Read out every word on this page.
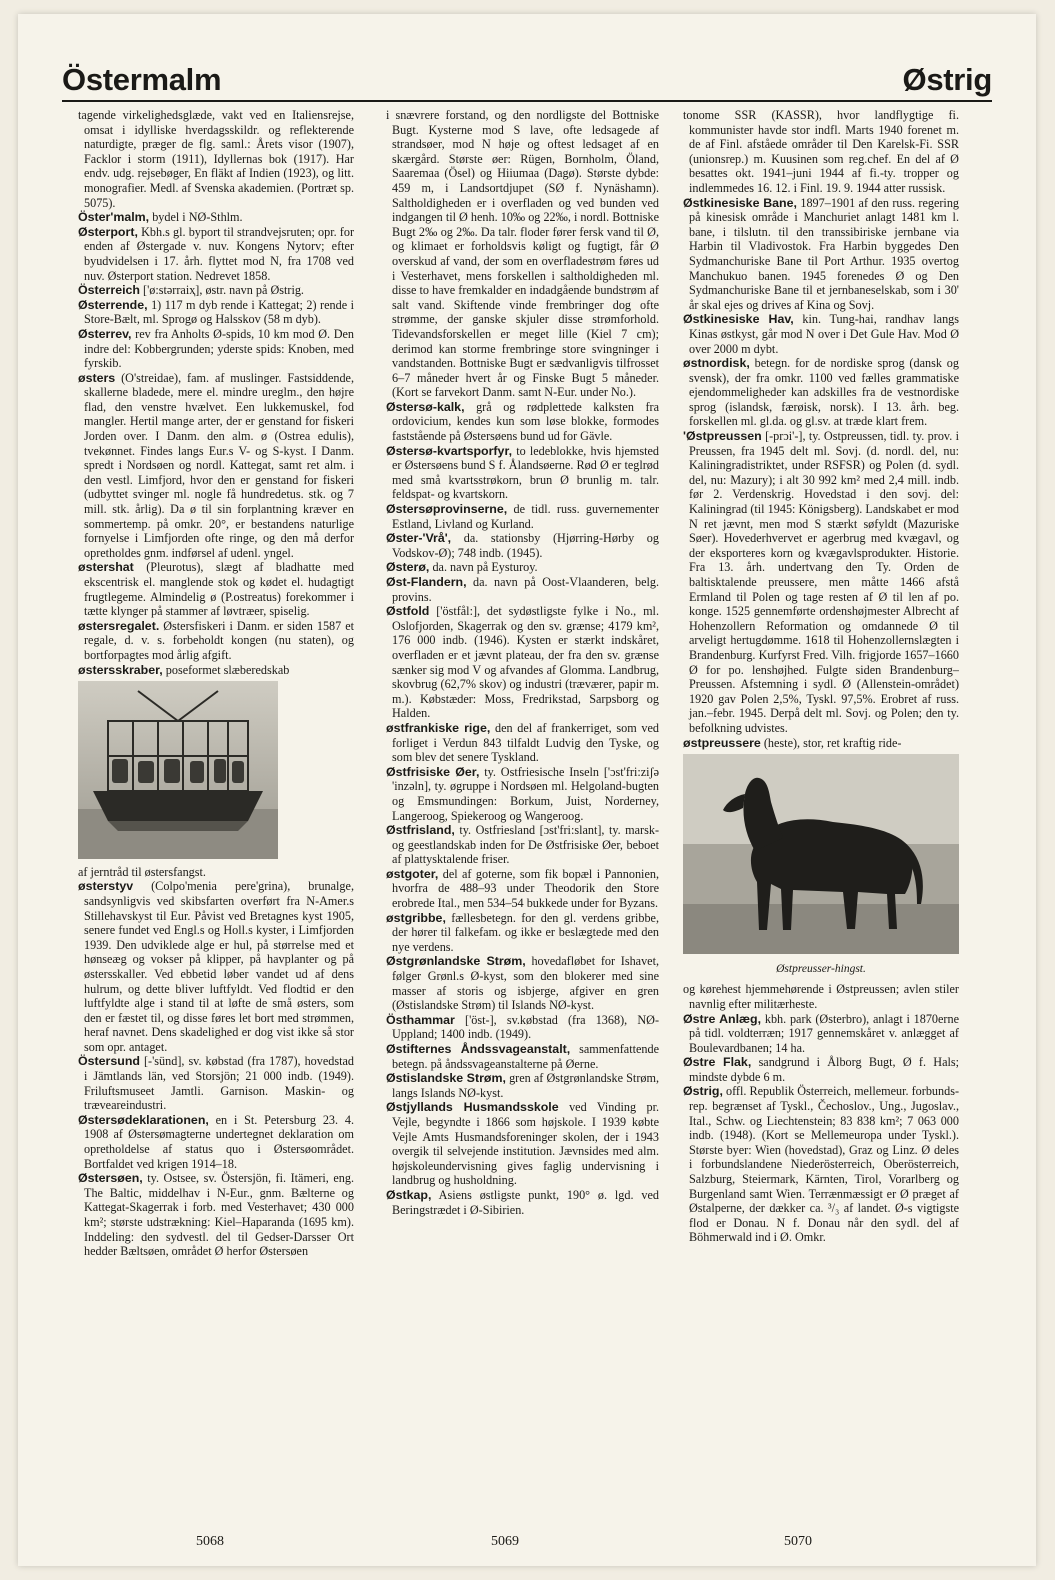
Östermalm	Østrig

tagende virkelighedsglæde, vakt ved en Italiensrejse, omsat i idylliske hverdagsskildr. og reflekterende naturdigte, præger de flg. saml.: Årets visor (1907), Facklor i storm (1911), Idyllernas bok (1917). Har endv. udg. rejsebøger, En fläkt af Indien (1923), og litt. monografier. Medl. af Svenska akademien. (Portræt sp. 5075).

Öster'malm, bydel i NØ-Sthlm.

Østerport, Kbh.s gl. byport til strandvejsruten; opr. for enden af Østergade v. nuv. Kongens Nytorv; efter byudvidelsen i 17. årh. flyttet mod N, fra 1708 ved nuv. Østerport station. Nedrevet 1858.

Österreich ['ø:stərraiҳ], østr. navn på Østrig.

Østerrende, 1) 117 m dyb rende i Kattegat; 2) rende i Store-Bælt, ml. Sprogø og Halsskov (58 m dyb).

Østerrev, rev fra Anholts Ø-spids, 10 km mod Ø. Den indre del: Kobbergrunden; yderste spids: Knoben, med fyrskib.

østers (O'streidae), fam. af muslinger. Fastsiddende, skallerne bladede, mere el. mindre ureglm., den højre flad, den venstre hvælvet. Een lukkemuskel, fod mangler. Hertil mange arter, der er genstand for fiskeri Jorden over. I Danm. den alm. ø (Ostrea edulis), tvekønnet. Findes langs Eur.s V- og S-kyst. I Danm. spredt i Nordsøen og nordl. Kattegat, samt ret alm. i den vestl. Limfjord, hvor den er genstand for fiskeri (udbyttet svinger ml. nogle få hundredetus. stk. og 7 mill. stk. årlig). Da ø til sin forplantning kræver en sommertemp. på omkr. 20°, er bestandens naturlige fornyelse i Limfjorden ofte ringe, og den må derfor opretholdes gnm. indførsel af udenl. yngel.

østershat (Pleurotus), slægt af bladhatte med ekscentrisk el. manglende stok og kødet el. hudagtigt frugtlegeme. Almindelig ø (P.ostreatus) forekommer i tætte klynger på stammer af løvtræer, spiselig.

østersregalet. Østersfiskeri i Danm. er siden 1587 et regale, d. v. s. forbeholdt kongen (nu staten), og bortforpagtes mod årlig afgift.

østersskraber, poseformet slæberedskab

af jerntråd til østersfangst.

østerstyv (Colpo'menia pere'grina), brunalge, sandsynligvis ved skibsfarten overført fra N-Amer.s Stillehavskyst til Eur. Påvist ved Bretagnes kyst 1905, senere fundet ved Engl.s og Holl.s kyster, i Limfjorden 1939. Den udviklede alge er hul, på størrelse med et hønseæg og vokser på klipper, på havplanter og på østersskaller. Ved ebbetid løber vandet ud af dens hulrum, og dette bliver luftfyldt. Ved flodtid er den luftfyldte alge i stand til at løfte de små østers, som den er fæstet til, og disse føres let bort med strømmen, heraf navnet. Dens skadelighed er dog vist ikke så stor som opr. antaget.

Östersund [-'sünd], sv. købstad (fra 1787), hovedstad i Jämtlands län, ved Storsjön; 21 000 indb. (1949). Friluftsmuseet Jamtli. Garnison. Maskin- og træveareindustri.

Østersødeklarationen, en i St. Petersburg 23. 4. 1908 af Østersømagterne undertegnet deklaration om opretholdelse af status quo i Østersøområdet. Bortfaldet ved krigen 1914–18.

Østersøen, ty. Ostsee, sv. Östersjön, fi. Itämeri, eng. The Baltic, middelhav i N-Eur., gnm. Bælterne og Kattegat-Skagerrak i forb. med Vesterhavet; 430 000 km²; største udstrækning: Kiel–Haparanda (1695 km). Inddeling: den sydvestl. del til Gedser-Darsser Ort hedder Bæltsøen, området Ø herfor Østersøen

i snævrere forstand, og den nordligste del Bottniske Bugt. Kysterne mod S lave, ofte ledsagede af strandsøer, mod N høje og oftest ledsaget af en skærgård. Største øer: Rügen, Bornholm, Öland, Saaremaa (Ösel) og Hiiumaa (Dagø). Største dybde: 459 m, i Landsortdjupet (SØ f. Nynäshamn). Saltholdigheden er i overfladen og ved bunden ved indgangen til Ø henh. 10‰ og 22‰, i nordl. Bottniske Bugt 2‰ og 2‰. Da talr. floder fører fersk vand til Ø, og klimaet er forholdsvis køligt og fugtigt, får Ø overskud af vand, der som en overfladestrøm føres ud i Vesterhavet, mens forskellen i saltholdigheden ml. disse to have fremkalder en indadgående bundstrøm af salt vand. Skiftende vinde frembringer dog ofte strømme, der ganske skjuler disse strømforhold. Tidevandsforskellen er meget lille (Kiel 7 cm); derimod kan storme frembringe store svingninger i vandstanden. Bottniske Bugt er sædvanligvis tilfrosset 6–7 måneder hvert år og Finske Bugt 5 måneder. (Kort se farvekort Danm. samt N-Eur. under No.).

Østersø-kalk, grå og rødplettede kalksten fra ordovicium, kendes kun som løse blokke, formodes faststående på Østersøens bund ud for Gävle.

Østersø-kvartsporfyr, to ledeblokke, hvis hjemsted er Østersøens bund S f. Ålandsøerne. Rød Ø er teglrød med små kvartsstrøkorn, brun Ø brunlig m. talr. feldspat- og kvartskorn.

Østersøprovinserne, de tidl. russ. guvernementer Estland, Livland og Kurland.

Øster-'Vrå', da. stationsby (Hjørring-Hørby og Vodskov-Ø); 748 indb. (1945).

Østerø, da. navn på Eysturoy.

Øst-Flandern, da. navn på Oost-Vlaanderen, belg. provins.

Østfold ['östfål:], det sydøstligste fylke i No., ml. Oslofjorden, Skagerrak og den sv. grænse; 4179 km², 176 000 indb. (1946). Kysten er stærkt indskåret, overfladen er et jævnt plateau, der fra den sv. grænse sænker sig mod V og afvandes af Glomma. Landbrug, skovbrug (62,7% skov) og industri (træværer, papir m. m.). Købstæder: Moss, Fredrikstad, Sarpsborg og Halden.

østfrankiske rige, den del af frankerriget, som ved forliget i Verdun 843 tilfaldt Ludvig den Tyske, og som blev det senere Tyskland.

Østfrisiske Øer, ty. Ostfriesische Inseln ['ɔst'fri:ziʃə 'inzəln], ty. øgruppe i Nordsøen ml. Helgoland-bugten og Emsmundingen: Borkum, Juist, Norderney, Langeroog, Spiekeroog og Wangeroog.

Østfrisland, ty. Ostfriesland [ɔst'fri:slant], ty. marsk- og geestlandskab inden for De Østfrisiske Øer, beboet af plattysktalende friser.

østgoter, del af goterne, som fik bopæl i Pannonien, hvorfra de 488–93 under Theodorik den Store erobrede Ital., men 534–54 bukkede under for Byzans.

østgribbe, fællesbetegn. for den gl. verdens gribbe, der hører til falkefam. og ikke er beslægtede med den nye verdens.

Østgrønlandske Strøm, hovedafløbet for Ishavet, følger Grønl.s Ø-kyst, som den blokerer med sine masser af storis og isbjerge, afgiver en gren (Østislandske Strøm) til Islands NØ-kyst.

Östhammar ['öst-], sv.købstad (fra 1368), NØ-Uppland; 1400 indb. (1949).

Østifternes Åndssvageanstalt, sammenfattende betegn. på åndssvageanstalterne på Øerne.

Østislandske Strøm, gren af Østgrønlandske Strøm, langs Islands NØ-kyst.

Østjyllands Husmandsskole ved Vinding pr. Vejle, begyndte i 1866 som højskole. I 1939 købte Vejle Amts Husmandsforeninger skolen, der i 1943 overgik til selvejende institution. Jævnsides med alm. højskoleundervisning gives faglig undervisning i landbrug og husholdning.

Østkap, Asiens østligste punkt, 190° ø. lgd. ved Beringstrædet i Ø-Sibirien.

tonome SSR (KASSR), hvor landflygtige fi. kommunister havde stor indfl. Marts 1940 forenet m. de af Finl. afståede områder til Den Karelsk-Fi. SSR (unionsrep.) m. Kuusinen som reg.chef. En del af Ø besattes okt. 1941–juni 1944 af fi.-ty. tropper og indlemmedes 16. 12. i Finl. 19. 9. 1944 atter russisk.

Østkinesiske Bane, 1897–1901 af den russ. regering på kinesisk område i Manchuriet anlagt 1481 km l. bane, i tilslutn. til den transsibiriske jernbane via Harbin til Vladivostok. Fra Harbin byggedes Den Sydmanchuriske Bane til Port Arthur. 1935 overtog Manchukuo banen. 1945 forenedes Ø og Den Sydmanchuriske Bane til et jernbaneselskab, som i 30' år skal ejes og drives af Kina og Sovj.

Østkinesiske Hav, kin. Tung-hai, randhav langs Kinas østkyst, går mod N over i Det Gule Hav. Mod Ø over 2000 m dybt.

østnordisk, betegn. for de nordiske sprog (dansk og svensk), der fra omkr. 1100 ved fælles grammatiske ejendommeligheder kan adskilles fra de vestnordiske sprog (islandsk, færøisk, norsk). I 13. årh. beg. forskellen ml. gl.da. og gl.sv. at træde klart frem.

'Østpreussen [-prɔi'-], ty. Ostpreussen, tidl. ty. prov. i Preussen, fra 1945 delt ml. Sovj. (d. nordl. del, nu: Kaliningradistriktet, under RSFSR) og Polen (d. sydl. del, nu: Mazury); i alt 30 992 km² med 2,4 mill. indb. før 2. Verdenskrig. Hovedstad i den sovj. del: Kaliningrad (til 1945: Königsberg). Landskabet er mod N ret jævnt, men mod S stærkt søfyldt (Mazuriske Søer). Hovederhvervet er agerbrug med kvægavl, og der eksporteres korn og kvægavlsprodukter. Historie. Fra 13. årh. undertvang den Ty. Orden de baltisktalende preussere, men måtte 1466 afstå Ermland til Polen og tage resten af Ø til len af po. konge. 1525 gennemførte ordenshøjmester Albrecht af Hohenzollern Reformation og omdannede Ø til arveligt hertugdømme. 1618 til Hohenzollernslægten i Brandenburg. Kurfyrst Fred. Vilh. frigjorde 1657–1660 Ø for po. lenshøjhed. Fulgte siden Brandenburg–Preussen. Afstemning i sydl. Ø (Allenstein-området) 1920 gav Polen 2,5%, Tyskl. 97,5%. Erobret af russ. jan.–febr. 1945. Derpå delt ml. Sovj. og Polen; den ty. befolkning udvistes.

østpreussere (heste), stor, ret kraftig ride-

Østpreusser-hingst.

og kørehest hjemmehørende i Østpreussen; avlen stiler navnlig efter militærheste.

Østre Anlæg, kbh. park (Østerbro), anlagt i 1870erne på tidl. voldterræn; 1917 gennemskåret v. anlægget af Boulevardbanen; 14 ha.

Østre Flak, sandgrund i Ålborg Bugt, Ø f. Hals; mindste dybde 6 m.

Østrig, offl. Republik Österreich, mellemeur. forbunds-rep. begrænset af Tyskl., Čechoslov., Ung., Jugoslav., Ital., Schw. og Liechtenstein; 83 838 km²; 7 063 000 indb. (1948). (Kort se Mellemeuropa under Tyskl.). Største byer: Wien (hovedstad), Graz og Linz. Ø deles i forbundslandene Niederösterreich, Oberösterreich, Salzburg, Steiermark, Kärnten, Tirol, Vorarlberg og Burgenland samt Wien. Terrænmæssigt er Ø præget af Østalperne, der dækker ca. ³/₃ af landet. Ø-s vigtigste flod er Donau. N f. Donau når den sydl. del af Böhmerwald ind i Ø. Omkr.

5068	5069	5070
